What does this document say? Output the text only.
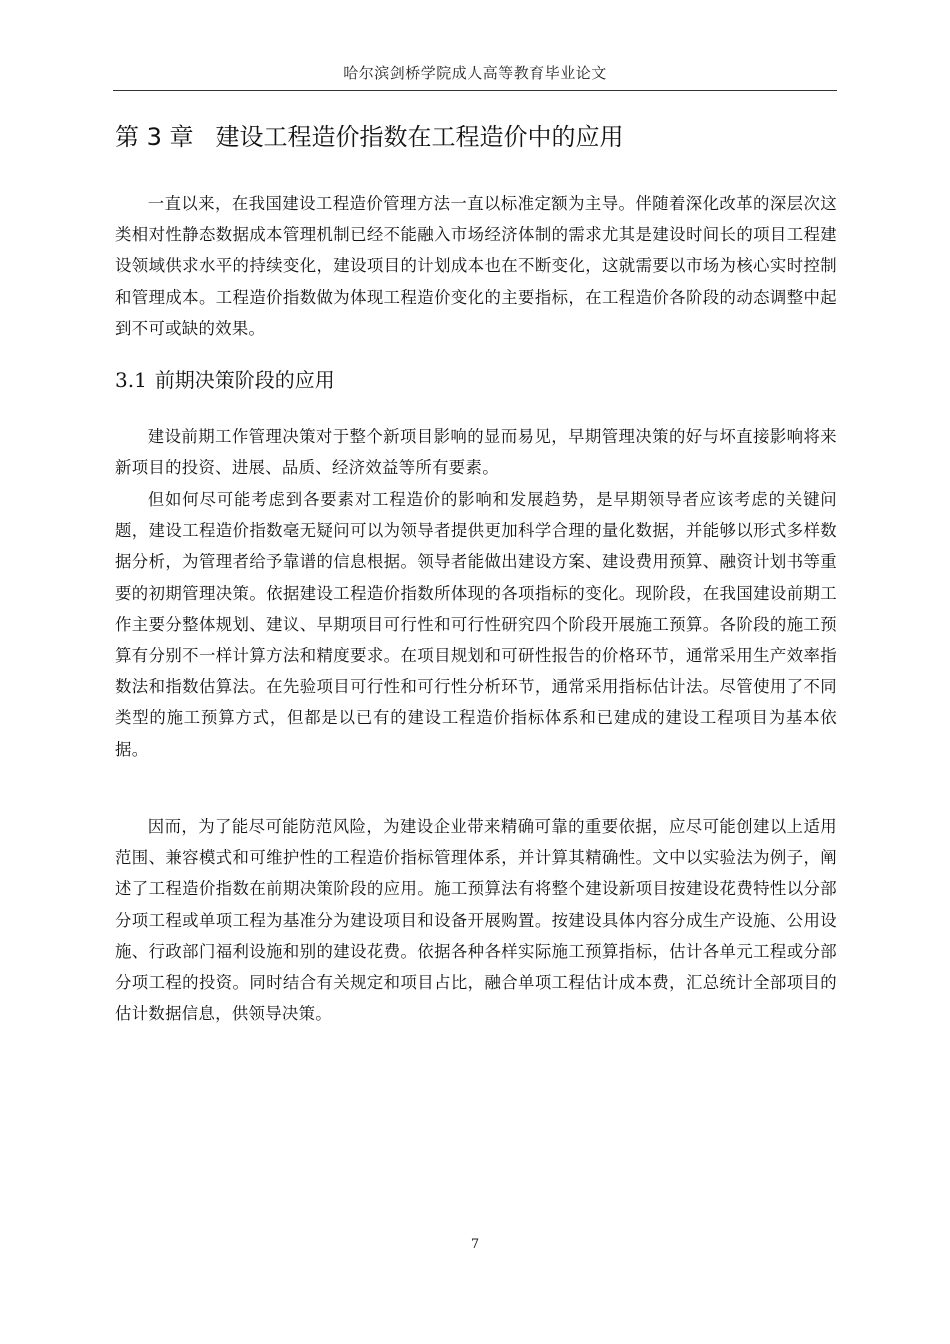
哈尔滨剑桥学院成人高等教育毕业论文
第 3 章 建设工程造价指数在工程造价中的应用

一直以来，在我国建设工程造价管理方法一直以标准定额为主导。伴随着深化改革的深层次这类相对性静态数据成本管理机制已经不能融入市场经济体制的需求尤其是建设时间长的项目工程建设领域供求水平的持续变化，建设项目的计划成本也在不断变化，这就需要以市场为核心实时控制和管理成本。工程造价指数做为体现工程造价变化的主要指标，在工程造价各阶段的动态调整中起到不可或缺的效果。

3.1 前期决策阶段的应用

建设前期工作管理决策对于整个新项目影响的显而易见，早期管理决策的好与坏直接影响将来新项目的投资、进展、品质、经济效益等所有要素。

但如何尽可能考虑到各要素对工程造价的影响和发展趋势，是早期领导者应该考虑的关键问题，建设工程造价指数毫无疑问可以为领导者提供更加科学合理的量化数据，并能够以形式多样数据分析，为管理者给予靠谱的信息根据。领导者能做出建设方案、建设费用预算、融资计划书等重要的初期管理决策。依据建设工程造价指数所体现的各项指标的变化。现阶段，在我国建设前期工作主要分整体规划、建议、早期项目可行性和可行性研究四个阶段开展施工预算。各阶段的施工预算有分别不一样计算方法和精度要求。在项目规划和可研性报告的价格环节，通常采用生产效率指数法和指数估算法。在先验项目可行性和可行性分析环节，通常采用指标估计法。尽管使用了不同类型的施工预算方式，但都是以已有的建设工程造价指标体系和已建成的建设工程项目为基本依据。

因而，为了能尽可能防范风险，为建设企业带来精确可靠的重要依据，应尽可能创建以上适用范围、兼容模式和可维护性的工程造价指标管理体系，并计算其精确性。文中以实验法为例子，阐述了工程造价指数在前期决策阶段的应用。施工预算法有将整个建设新项目按建设花费特性以分部分项工程或单项工程为基准分为建设项目和设备开展购置。按建设具体内容分成生产设施、公用设施、行政部门福利设施和别的建设花费。依据各种各样实际施工预算指标，估计各单元工程或分部分项工程的投资。同时结合有关规定和项目占比，融合单项工程估计成本费，汇总统计全部项目的估计数据信息，供领导决策。

7
